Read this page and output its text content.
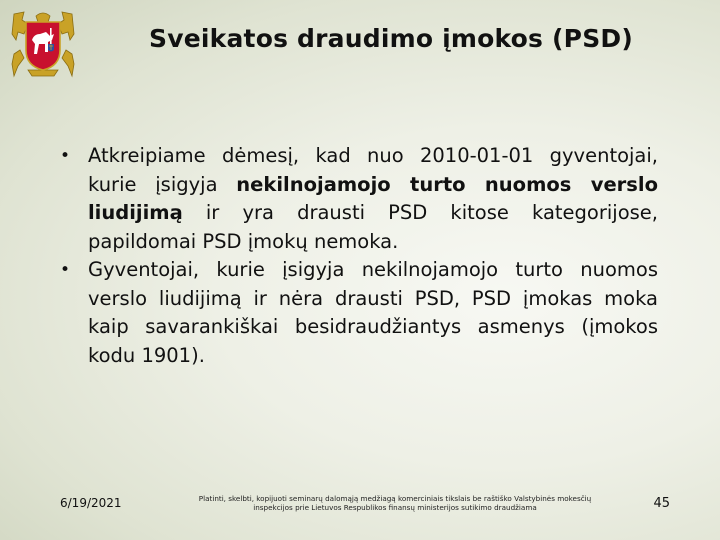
Sveikatos draudimo įmokos (PSD)
• Atkreipiame dėmesį, kad nuo 2010-01-01 gyventojai, kurie įsigyja nekilnojamojo turto nuomos verslo liudijimą ir yra drausti PSD kitose kategorijose, papildomai PSD įmokų nemoka.
• Gyventojai, kurie įsigyja nekilnojamojo turto nuomos verslo liudijimą ir nėra drausti PSD, PSD įmokas moka kaip savarankiškai besidraudžiantys asmenys (įmokos kodu 1901).
6/19/2021	Platinti, skelbti, kopijuoti seminarų dalomąją medžiagą komerciniais tikslais be raštiško Valstybinės mokesčių inspekcijos prie Lietuvos Respublikos finansų ministerijos sutikimo draudžiama	45
